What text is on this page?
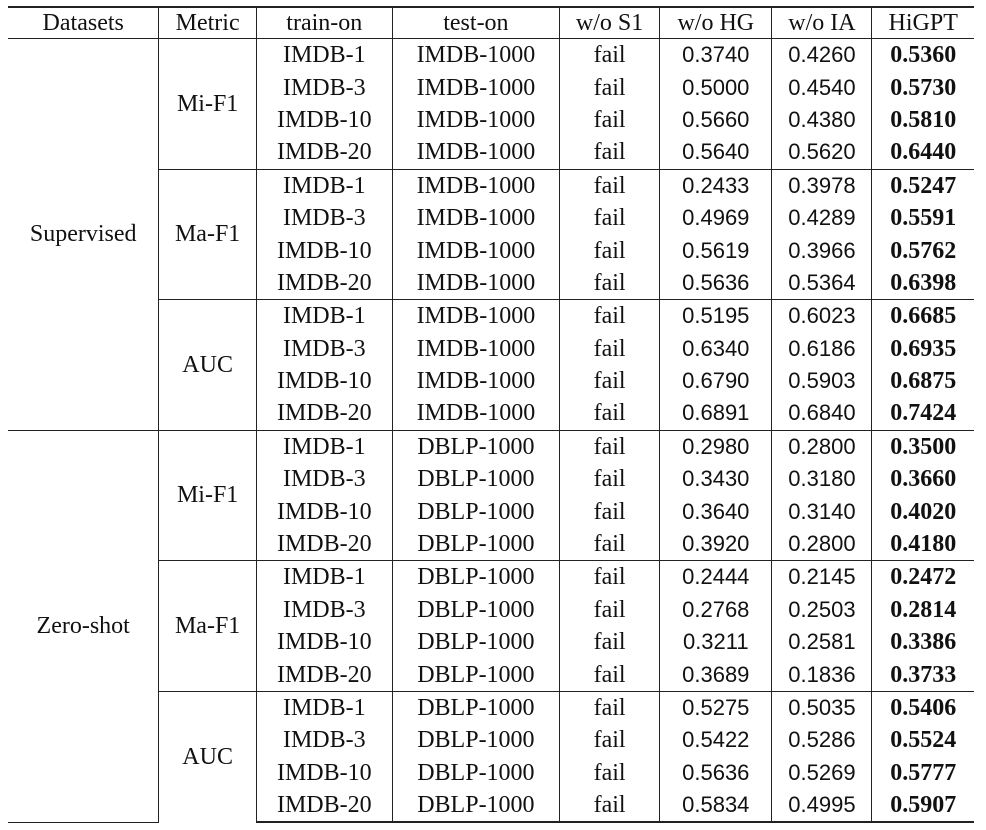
Datasets	Metric	train-on	test-on	w/o S1	w/o HG	w/o IA	HiGPT
Supervised	Mi-F1	IMDB-1	IMDB-1000	fail	0.3740	0.4260	0.5360
		IMDB-3	IMDB-1000	fail	0.5000	0.4540	0.5730
		IMDB-10	IMDB-1000	fail	0.5660	0.4380	0.5810
		IMDB-20	IMDB-1000	fail	0.5640	0.5620	0.6440
	Ma-F1	IMDB-1	IMDB-1000	fail	0.2433	0.3978	0.5247
		IMDB-3	IMDB-1000	fail	0.4969	0.4289	0.5591
		IMDB-10	IMDB-1000	fail	0.5619	0.3966	0.5762
		IMDB-20	IMDB-1000	fail	0.5636	0.5364	0.6398
	AUC	IMDB-1	IMDB-1000	fail	0.5195	0.6023	0.6685
		IMDB-3	IMDB-1000	fail	0.6340	0.6186	0.6935
		IMDB-10	IMDB-1000	fail	0.6790	0.5903	0.6875
		IMDB-20	IMDB-1000	fail	0.6891	0.6840	0.7424
Zero-shot	Mi-F1	IMDB-1	DBLP-1000	fail	0.2980	0.2800	0.3500
		IMDB-3	DBLP-1000	fail	0.3430	0.3180	0.3660
		IMDB-10	DBLP-1000	fail	0.3640	0.3140	0.4020
		IMDB-20	DBLP-1000	fail	0.3920	0.2800	0.4180
	Ma-F1	IMDB-1	DBLP-1000	fail	0.2444	0.2145	0.2472
		IMDB-3	DBLP-1000	fail	0.2768	0.2503	0.2814
		IMDB-10	DBLP-1000	fail	0.3211	0.2581	0.3386
		IMDB-20	DBLP-1000	fail	0.3689	0.1836	0.3733
	AUC	IMDB-1	DBLP-1000	fail	0.5275	0.5035	0.5406
		IMDB-3	DBLP-1000	fail	0.5422	0.5286	0.5524
		IMDB-10	DBLP-1000	fail	0.5636	0.5269	0.5777
		IMDB-20	DBLP-1000	fail	0.5834	0.4995	0.5907
